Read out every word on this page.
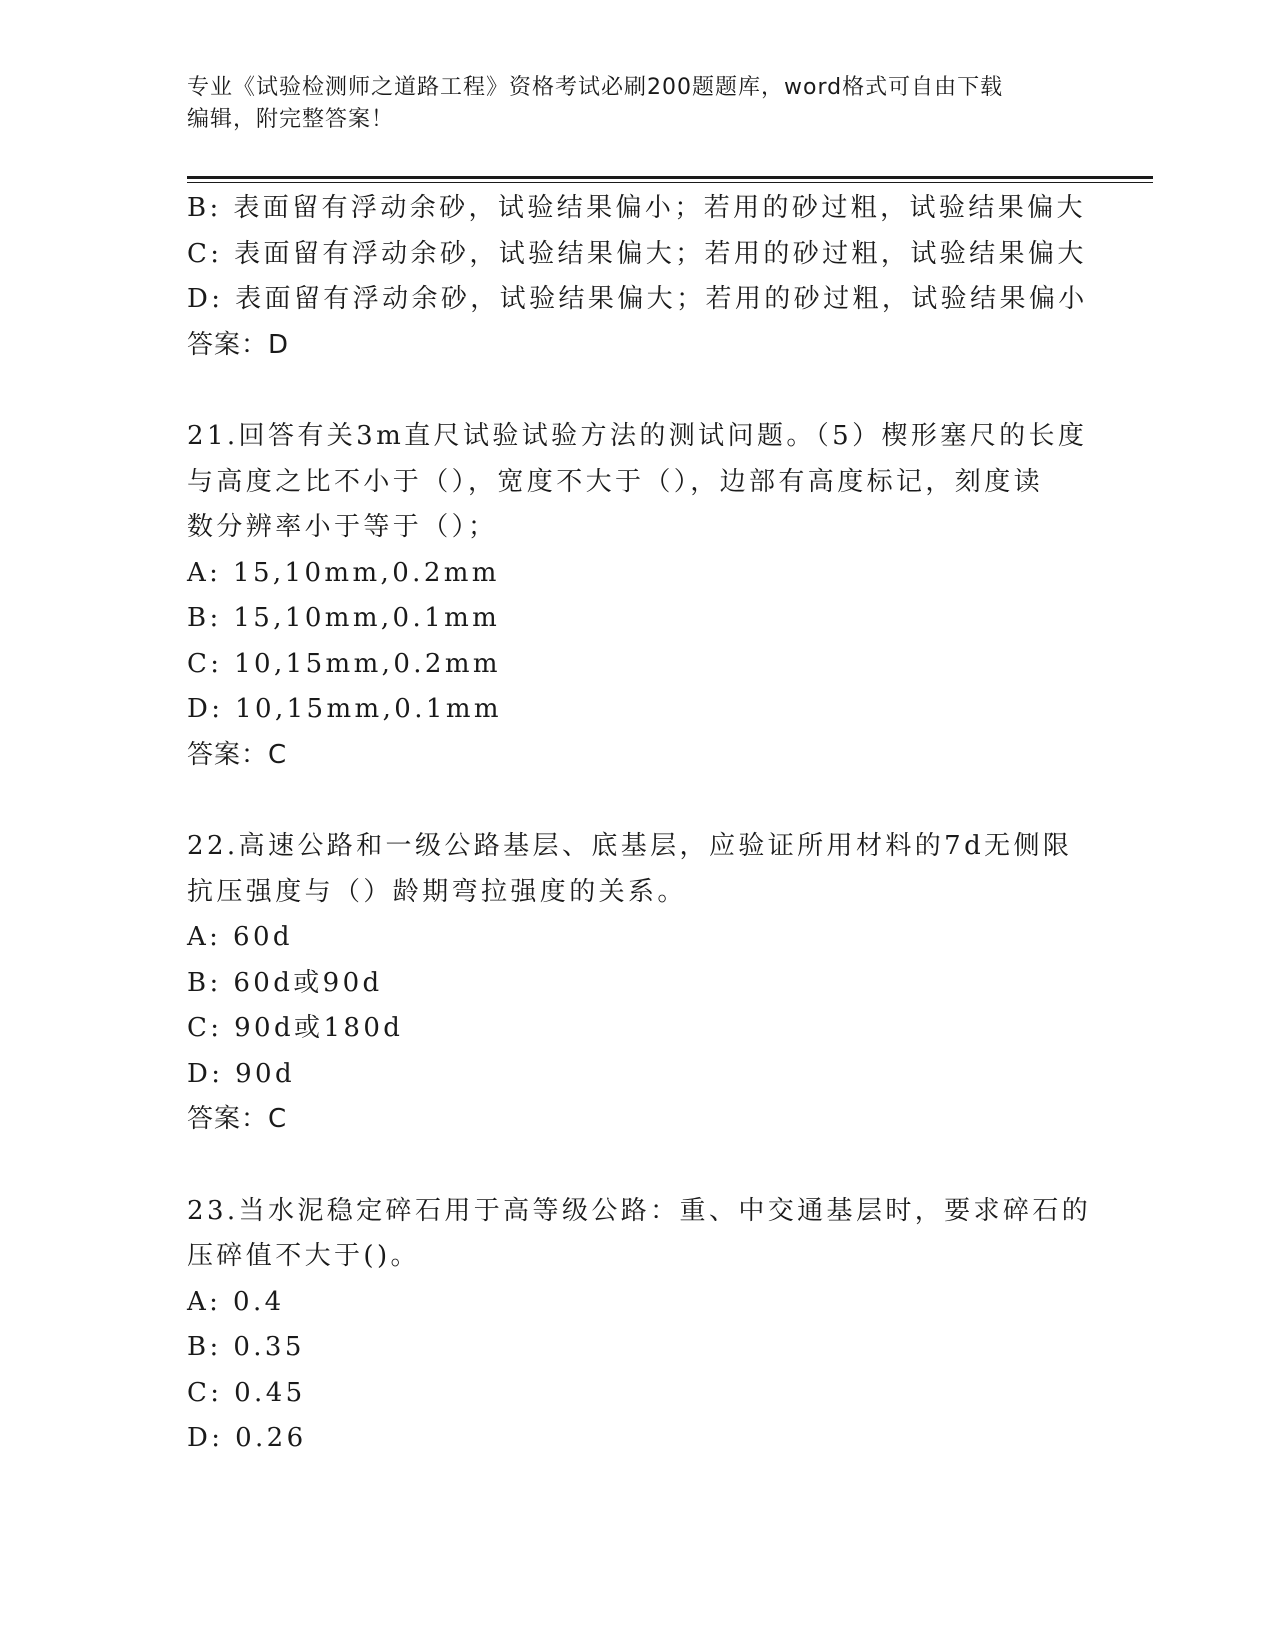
专业《试验检测师之道路工程》资格考试必刷200题题库，word格式可自由下载
编辑，附完整答案！
B: 表面留有浮动余砂，试验结果偏小；若用的砂过粗，试验结果偏大
C: 表面留有浮动余砂，试验结果偏大；若用的砂过粗，试验结果偏大
D: 表面留有浮动余砂，试验结果偏大；若用的砂过粗，试验结果偏小
答案：D
21.回答有关3m直尺试验试验方法的测试问题。（5）楔形塞尺的长度
与高度之比不小于（），宽度不大于（），边部有高度标记，刻度读
数分辨率小于等于（）；
A: 15,10mm,0.2mm
B: 15,10mm,0.1mm
C: 10,15mm,0.2mm
D: 10,15mm,0.1mm
答案：C
22.高速公路和一级公路基层、底基层，应验证所用材料的7d无侧限
抗压强度与（）龄期弯拉强度的关系。
A: 60d
B: 60d或90d
C: 90d或180d
D: 90d
答案：C
23.当水泥稳定碎石用于高等级公路：重、中交通基层时，要求碎石的
压碎值不大于()。
A: 0.4
B: 0.35
C: 0.45
D: 0.26
